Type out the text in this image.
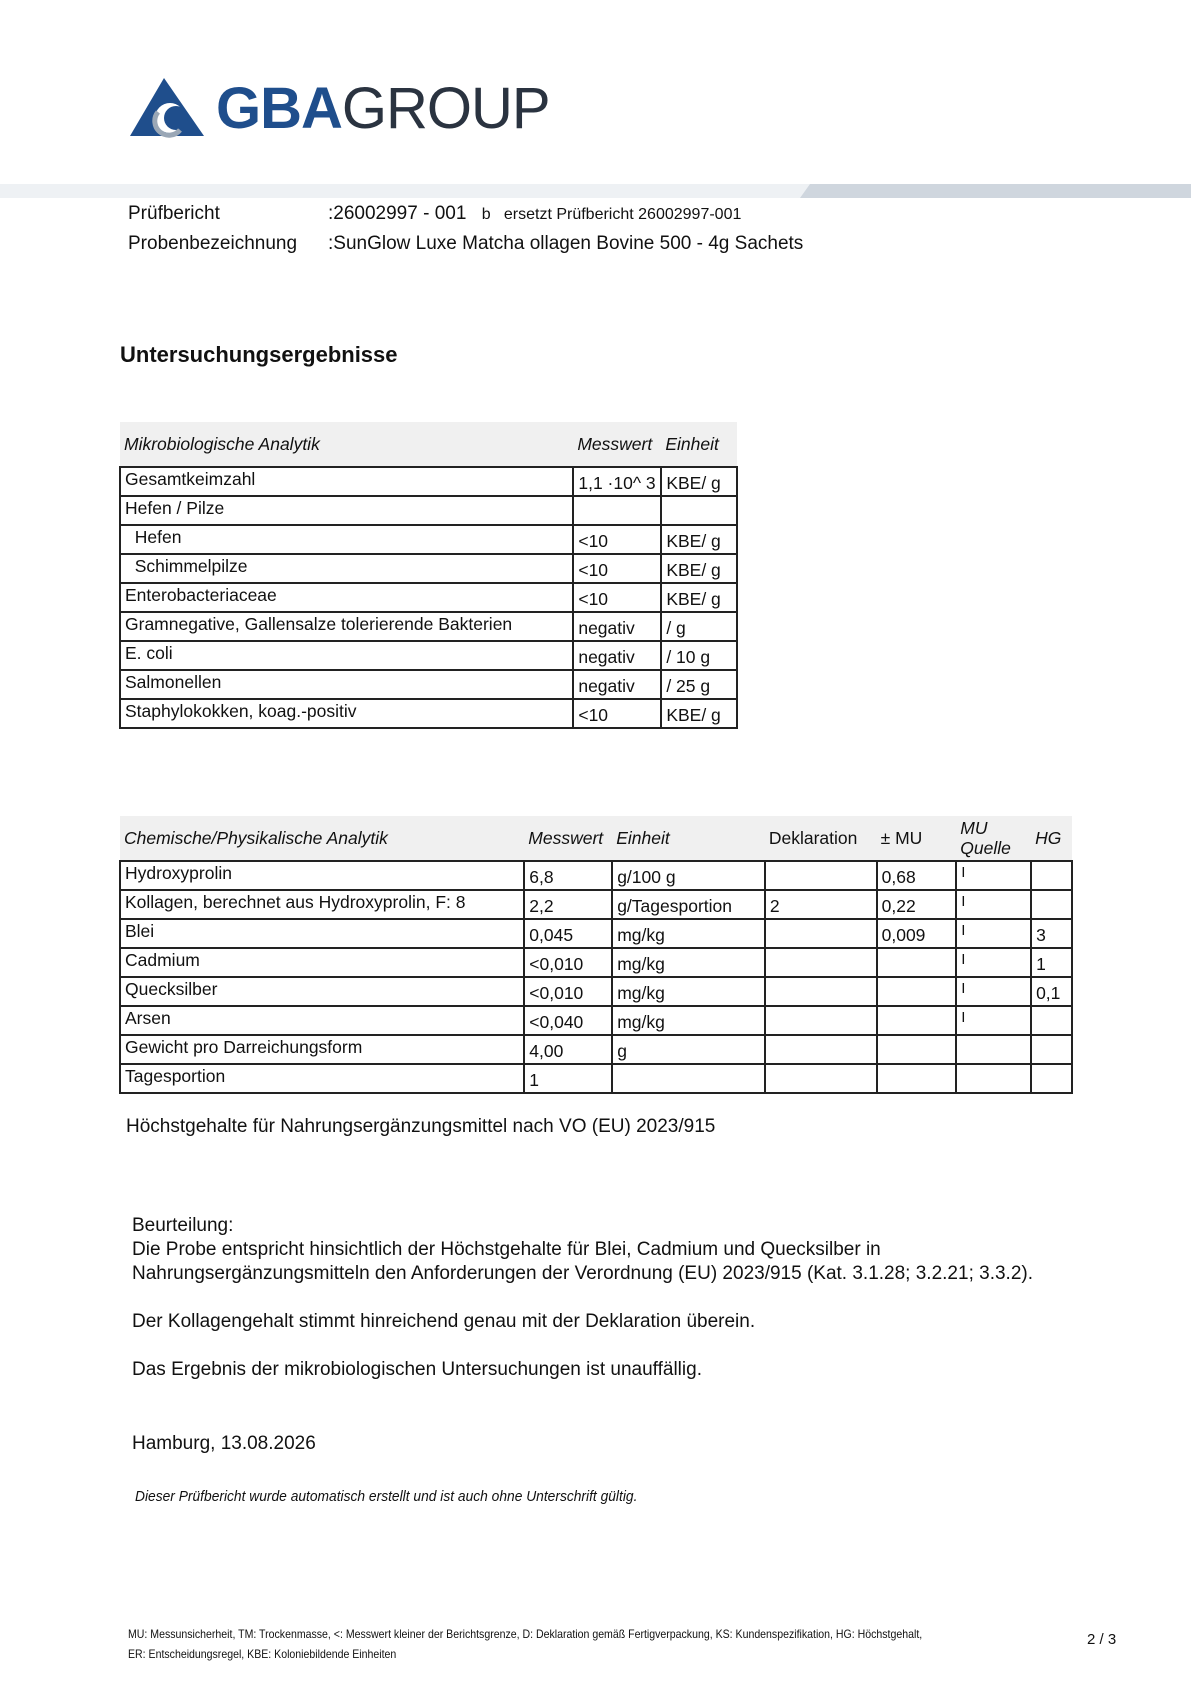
GBAGROUP
Prüfbericht	:26002997 - 001 b ersetzt Prüfbericht 26002997-001
Probenbezeichnung :SunGlow Luxe Matcha ollagen Bovine 500 - 4g Sachets
Untersuchungsergebnisse
Mikrobiologische Analytik	Messwert	Einheit
Gesamtkeimzahl	1,1 ·10^ 3	KBE/ g
Hefen / Pilze		
Hefen	<10	KBE/ g
Schimmelpilze	<10	KBE/ g
Enterobacteriaceae	<10	KBE/ g
Gramnegative, Gallensalze tolerierende Bakterien	negativ	/ g
E. coli	negativ	/ 10 g
Salmonellen	negativ	/ 25 g
Staphylokokken, koag.-positiv	<10	KBE/ g
Chemische/Physikalische Analytik	Messwert	Einheit	Deklaration	± MU	MU Quelle	HG
Hydroxyprolin	6,8	g/100 g		0,68	I	
Kollagen, berechnet aus Hydroxyprolin, F: 8	2,2	g/Tagesportion	2	0,22	I	
Blei	0,045	mg/kg		0,009	I	3
Cadmium	<0,010	mg/kg			I	1
Quecksilber	<0,010	mg/kg			I	0,1
Arsen	<0,040	mg/kg			I	
Gewicht pro Darreichungsform	4,00	g				
Tagesportion	1					
Höchstgehalte für Nahrungsergänzungsmittel nach VO (EU) 2023/915
Beurteilung:
Die Probe entspricht hinsichtlich der Höchstgehalte für Blei, Cadmium und Quecksilber in
Nahrungsergänzungsmitteln den Anforderungen der Verordnung (EU) 2023/915 (Kat. 3.1.28; 3.2.21; 3.3.2).
Der Kollagengehalt stimmt hinreichend genau mit der Deklaration überein.
Das Ergebnis der mikrobiologischen Untersuchungen ist unauffällig.
Hamburg, 13.08.2026
Dieser Prüfbericht wurde automatisch erstellt und ist auch ohne Unterschrift gültig.
MU: Messunsicherheit, TM: Trockenmasse, <: Messwert kleiner der Berichtsgrenze, D: Deklaration gemäß Fertigverpackung, KS: Kundenspezifikation, HG: Höchstgehalt,
ER: Entscheidungsregel, KBE: Koloniebildende Einheiten
2 / 3
